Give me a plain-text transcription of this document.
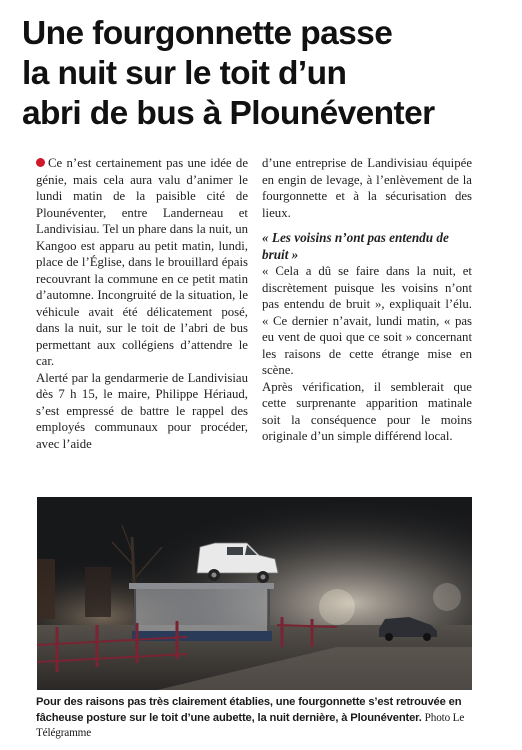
Une fourgonnette passe
la nuit sur le toit d’un
abri de bus à Plounéventer

Ce n’est certainement pas une idée de génie, mais cela aura valu d’animer le lundi matin de la paisible cité de Plounéventer, entre Landerneau et Landivisiau. Tel un phare dans la nuit, un Kangoo est apparu au petit matin, lundi, place de l’Église, dans le brouillard épais recouvrant la commune en ce petit matin d’automne. Incongruité de la situation, le véhicule avait été délicatement posé, dans la nuit, sur le toit de l’abri de bus permettant aux collégiens d’attendre le car.

Alerté par la gendarmerie de Landivisiau dès 7 h 15, le maire, Philippe Hériaud, s’est empressé de battre le rappel des employés communaux pour procéder, avec l’aide

d’une entreprise de Landivisiau équipée en engin de levage, à l’enlèvement de la fourgonnette et à la sécurisation des lieux.

« Les voisins n’ont pas entendu de bruit »

« Cela a dû se faire dans la nuit, et discrètement puisque les voisins n’ont pas entendu de bruit », expliquait l’élu. « Ce dernier n’avait, lundi matin, « pas eu vent de quoi que ce soit » concernant les raisons de cette étrange mise en scène.

Après vérification, il semblerait que cette surprenante apparition matinale soit la conséquence pour le moins originale d’un simple différend local.

Pour des raisons pas très clairement établies, une fourgonnette s’est retrouvée en fâcheuse posture sur le toit d’une aubette, la nuit dernière, à Plounéventer. Photo Le Télégramme
